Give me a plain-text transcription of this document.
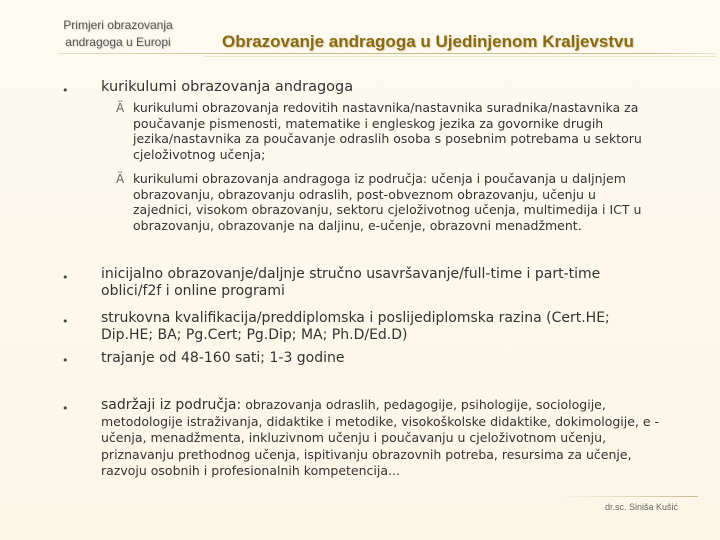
Primjeri obrazovanja
andragoga u Europi	Obrazovanje andragoga u Ujedinjenom Kraljevstvu
• kurikulumi obrazovanja andragoga
Ä kurikulumi obrazovanja redovitih nastavnika/nastavnika suradnika/nastavnika za poučavanje pismenosti, matematike i engleskog jezika za govornike drugih jezika/nastavnika za poučavanje odraslih osoba s posebnim potrebama u sektoru cjeloživotnog učenja;
Ä kurikulumi obrazovanja andragoga iz područja: učenja i poučavanja u daljnjem obrazovanju, obrazovanju odraslih, post-obveznom obrazovanju, učenju u zajednici, visokom obrazovanju, sektoru cjeloživotnog učenja, multimedija i ICT u obrazovanju, obrazovanje na daljinu, e-učenje, obrazovni menadžment.
• inicijalno obrazovanje/daljnje stručno usavršavanje/full-time i part-time oblici/f2f i online programi
• strukovna kvalifikacija/preddiplomska i poslijediplomska razina (Cert.HE; Dip.HE; BA; Pg.Cert; Pg.Dip; MA; Ph.D/Ed.D)
• trajanje od 48-160 sati; 1-3 godine
• sadržaji iz područja: obrazovanja odraslih, pedagogije, psihologije, sociologije, metodologije istraživanja, didaktike i metodike, visokoškolske didaktike, dokimologije, e -učenja, menadžmenta, inkluzivnom učenju i poučavanju u cjeloživotnom učenju, priznavanju prethodnog učenja, ispitivanju obrazovnih potreba, resursima za učenje, razvoju osobnih i profesionalnih kompetencija...
dr.sc. Siniša Kušić
